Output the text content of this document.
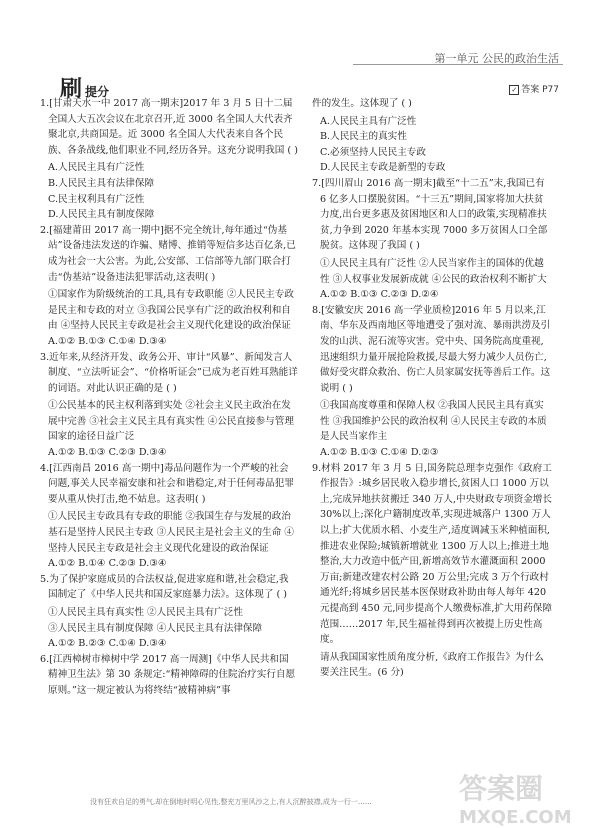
第一单元 公民的政治生活
刷提分	✓ 答案 P77
1.[甘肃天水一中 2017 高一期末]2017 年 3 月 5 日十二届全国人大五次会议在北京召开,近 3000 名全国人大代表齐聚北京,共商国是。近 3000 名全国人大代表来自各个民族、各条战线,他们职业不同,经历各异。这充分说明我国 ( )
A.人民民主具有广泛性
B.人民民主具有法律保障
C.民主权利具有广泛性
D.人民民主具有制度保障
2.[福建莆田 2017 高一期中]据不完全统计,每年通过“伪基站”设备违法发送的诈骗、赌博、推销等短信多达百亿条,已成为社会一大公害。为此,公安部、工信部等九部门联合打击“伪基站”设备违法犯罪活动,这表明( )
①国家作为阶级统治的工具,具有专政职能 ②人民民主专政是民主和专政的对立 ③我国公民享有广泛的政治权利和自由 ④坚持人民民主专政是社会主义现代化建设的政治保证
A.①② B.①③ C.①④ D.③④
3.近年来,从经济开发、政务公开、审计“风暴”、新闻发言人制度、“立法听证会”、“价格听证会”已成为老百姓耳熟能详的词语。对此认识正确的是 ( )
①公民基本的民主权利落到实处 ②社会主义民主政治在发展中完善 ③社会主义民主具有真实性 ④公民直接参与管理国家的途径日益广泛
A.①② B.①③ C.②③ D.③④
4.[江西南昌 2016 高一期中]毒品问题作为一个严峻的社会问题,事关人民幸福安康和社会和谐稳定,对于任何毒品犯罪要从重从快打击,绝不姑息。这表明( )
①人民民主专政具有专政的职能 ②我国生存与发展的政治基石是坚持人民民主专政 ③人民民主是社会主义的生命 ④坚持人民民主专政是社会主义现代化建设的政治保证
A.①② B.①④ C.②③ D.③④
5.为了保护家庭成员的合法权益,促进家庭和谐,社会稳定,我国制定了《中华人民共和国反家庭暴力法》。这体现了 ( )
①人民民主具有真实性 ②人民民主具有广泛性
③人民民主具有制度保障 ④人民民主具有法律保障
A.①② B.②③ C.①④ D.③④
6.[江西樟树市樟树中学 2017 高一周测]《中华人民共和国精神卫生法》第 30 条规定:“精神障碍的住院治疗实行自愿原则。”这一规定被认为将终结“被精神病”事
件的发生。这体现了 ( )
A.人民民主具有广泛性
B.人民民主的真实性
C.必须坚持人民民主专政
D.人民民主专政是新型的专政
7.[四川眉山 2016 高一期末]截至“十二五”末,我国已有 6 亿多人口摆脱贫困。“十三五”期间,国家将加大扶贫力度,出台更多惠及贫困地区和人口的政策,实现精准扶贫,力争到 2020 年基本实现 7000 多万贫困人口全部脱贫。这体现了我国 ( )
①人民民主具有广泛性 ②人民当家作主的国体的优越性 ③人权事业发展新成就 ④公民的政治权利不断扩大
A.①② B.①③ C.②③ D.②④
8.[安徽安庆 2016 高一学业质检]2016 年 5 月以来,江南、华东及西南地区等地遭受了强对流、暴雨洪涝及引发的山洪、泥石流等灾害。党中央、国务院高度重视,迅速组织力量开展抢险救援,尽最大努力减少人员伤亡,做好受灾群众救治、伤亡人员家属安抚等善后工作。这说明 ( )
①我国高度尊重和保障人权 ②我国人民民主具有真实性 ③我国维护公民的政治权利 ④人民民主专政的本质是人民当家作主
A.①② B.①③ C.①④ D.②③
9.材料 2017 年 3 月 5 日,国务院总理李克强作《政府工作报告》:城乡居民收入稳步增长,贫困人口 1000 万以上,完成异地扶贫搬迁 340 万人,中央财政专项资金增长 30%以上;深化户籍制度改革,实现进城落户 1300 万人以上;扩大优质水稻、小麦生产,适度调减玉米种植面积,推进农业保险;城镇新增就业 1300 万人以上;推进土地整治,大力改造中低产田,新增高效节水灌溉面积 2000 万亩;新建改建农村公路 20 万公里;完成 3 万个行政村通光纤;将城乡居民基本医保财政补助由每人每年 420 元提高到 450 元,同步提高个人缴费标准,扩大用药保障范围……2017 年,民生福祉得到再次被提上历史性高度。
请从我国国家性质角度分析,《政府工作报告》为什么要关注民生。(6 分)
没有狂欢自足的勇气,却在倒地时明心见性,整充万里风沙之上,有人沉醉披襟,成为一行一……	答案圈
MXQE.COM
